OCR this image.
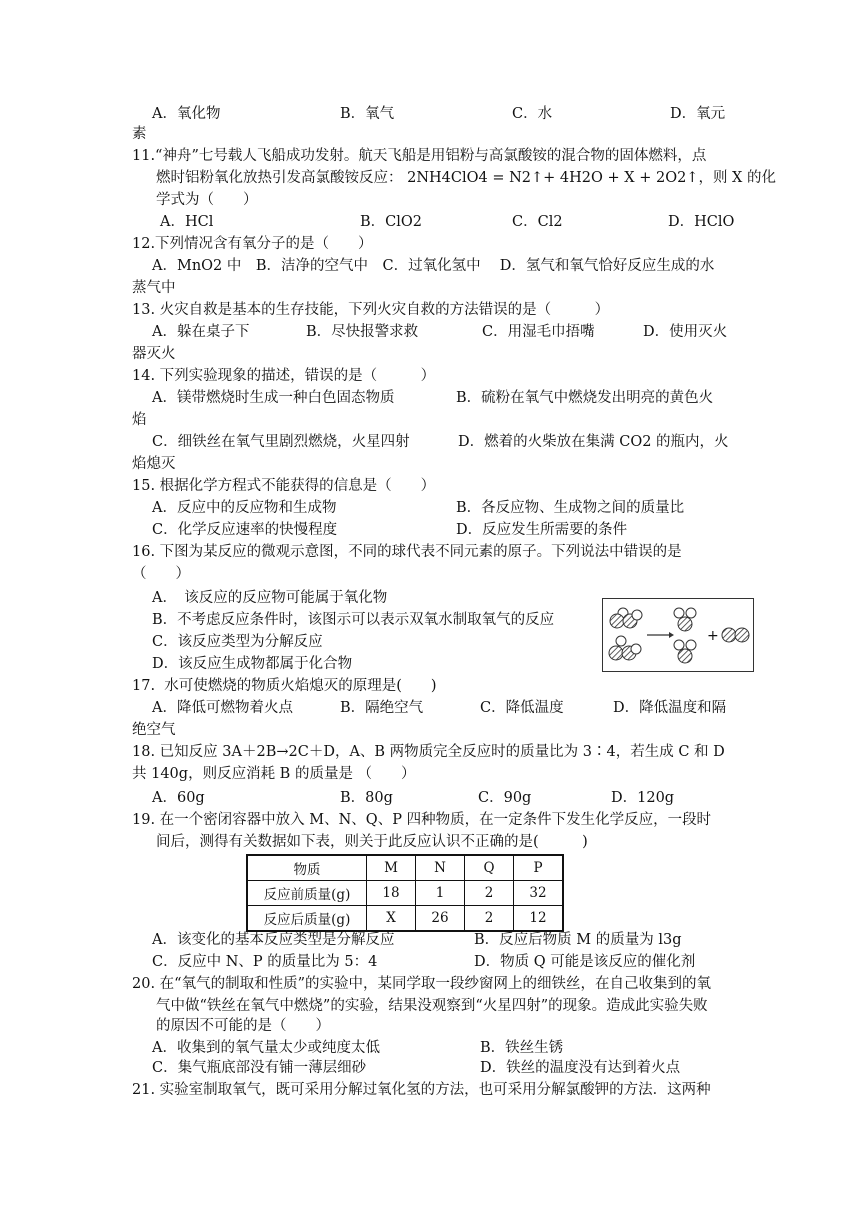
A．氧化物	B．氧气	C．水	D．氧元
素
11.“神舟”七号载人飞船成功发射。航天飞船是用铝粉与高氯酸铵的混合物的固体燃料，点
燃时铝粉氧化放热引发高氯酸铵反应： 2NH4ClO4 = N2↑+ 4H2O + X + 2O2↑，则 X 的化
学式为（　　）
A．HCl	B．ClO2	C．Cl2	D．HClO
12.下列情况含有氧分子的是（　　）
A．MnO2 中　B．洁净的空气中　C．过氧化氢中　 D．氢气和氧气恰好反应生成的水
蒸气中
13. 火灾自救是基本的生存技能，下列火灾自救的方法错误的是（　　　）
A．躲在桌子下	B．尽快报警求救	C．用湿毛巾捂嘴	D．使用灭火
器灭火
14. 下列实验现象的描述，错误的是（　　　）
A．镁带燃烧时生成一种白色固态物质	B．硫粉在氧气中燃烧发出明亮的黄色火
焰
C．细铁丝在氧气里剧烈燃烧，火星四射	D．燃着的火柴放在集满 CO2 的瓶内，火
焰熄灭
15. 根据化学方程式不能获得的信息是（　　）
A．反应中的反应物和生成物	B．各反应物、生成物之间的质量比
C．化学反应速率的快慢程度	D．反应发生所需要的条件
16. 下图为某反应的微观示意图，不同的球代表不同元素的原子。下列说法中错误的是
（　　）
A．　该反应的反应物可能属于氧化物
B．不考虑反应条件时，该图示可以表示双氧水制取氧气的反应
C．该反应类型为分解反应
D．该反应生成物都属于化合物
+
17.  水可使燃烧的物质火焰熄灭的原理是(　　)
A．降低可燃物着火点	B．隔绝空气	C．降低温度	D．降低温度和隔
绝空气
18. 已知反应 3A＋2B→2C＋D，A、B 两物质完全反应时的质量比为 3∶4，若生成 C 和 D
共 140g，则反应消耗 B 的质量是 （　　）
A．60g	B．80g	C．90g	D．120g
19. 在一个密闭容器中放入 M、N、Q、P 四种物质，在一定条件下发生化学反应，一段时
间后，测得有关数据如下表，则关于此反应认识不正确的是(　　　)
物质	M	N	Q	P
反应前质量(g)	18	1	2	32
反应后质量(g)	X	26	2	12
A．该变化的基本反应类型是分解反应	B．反应后物质 M 的质量为 l3g
C．反应中 N、P 的质量比为 5：4	D．物质 Q 可能是该反应的催化剂
20. 在“氧气的制取和性质”的实验中，某同学取一段纱窗网上的细铁丝，在自己收集到的氧
气中做“铁丝在氧气中燃烧”的实验，结果没观察到“火星四射”的现象。造成此实验失败
的原因不可能的是（　　）
A．收集到的氧气量太少或纯度太低	B．铁丝生锈
C．集气瓶底部没有铺一薄层细砂	D．铁丝的温度没有达到着火点
21. 实验室制取氧气，既可采用分解过氧化氢的方法，也可采用分解氯酸钾的方法．这两种
